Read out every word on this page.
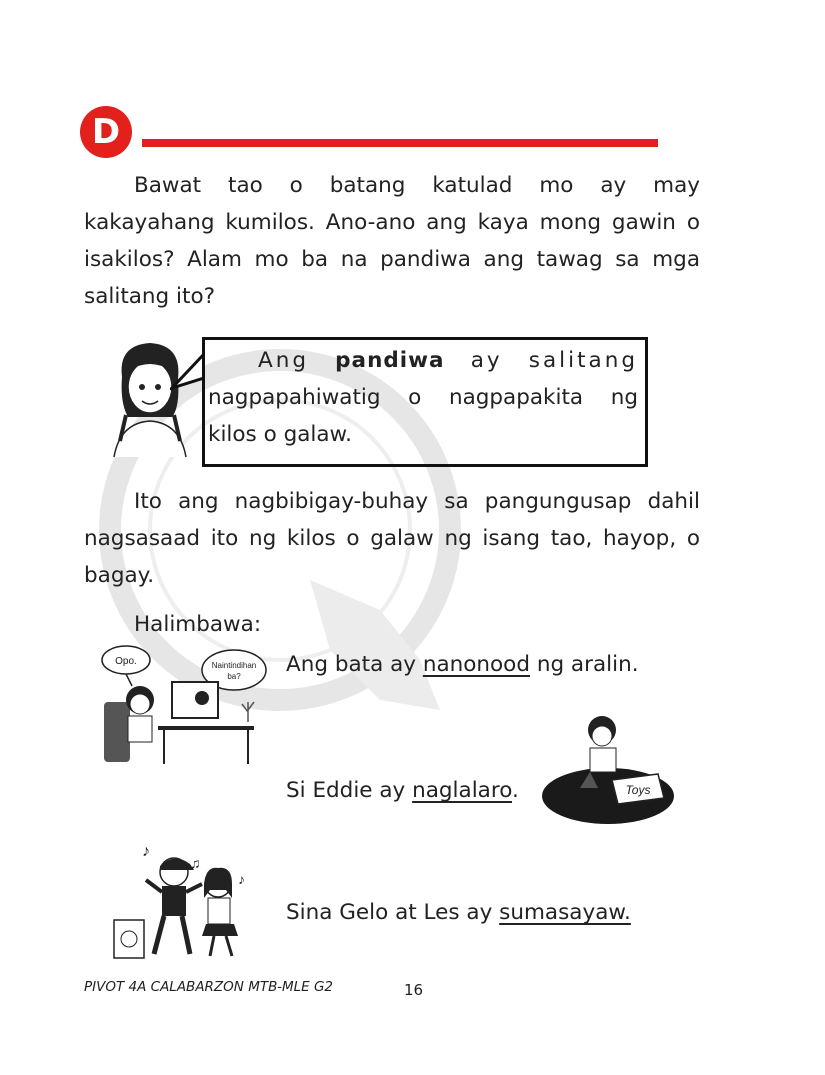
D
Bawat tao o batang katulad mo ay may
kakayahang kumilos. Ano-ano ang kaya mong gawin o
isakilos? Alam mo ba na pandiwa ang tawag sa mga
salitang ito?
Ang pandiwa ay salitang
nagpapahiwatig o nagpapakita ng
kilos o galaw.
Ito ang nagbibigay-buhay sa pangungusap dahil
nagsasaad ito ng kilos o galaw ng isang tao, hayop, o
bagay.
Halimbawa:
Opo.	Naintindihan
ba? Ang bata ay nanonood ng aralin.
Si Eddie ay naglalaro.	Toys
♪
♫
♪
Sina Gelo at Les ay sumasayaw.
PIVOT 4A CALABARZON MTB-MLE G2	16
